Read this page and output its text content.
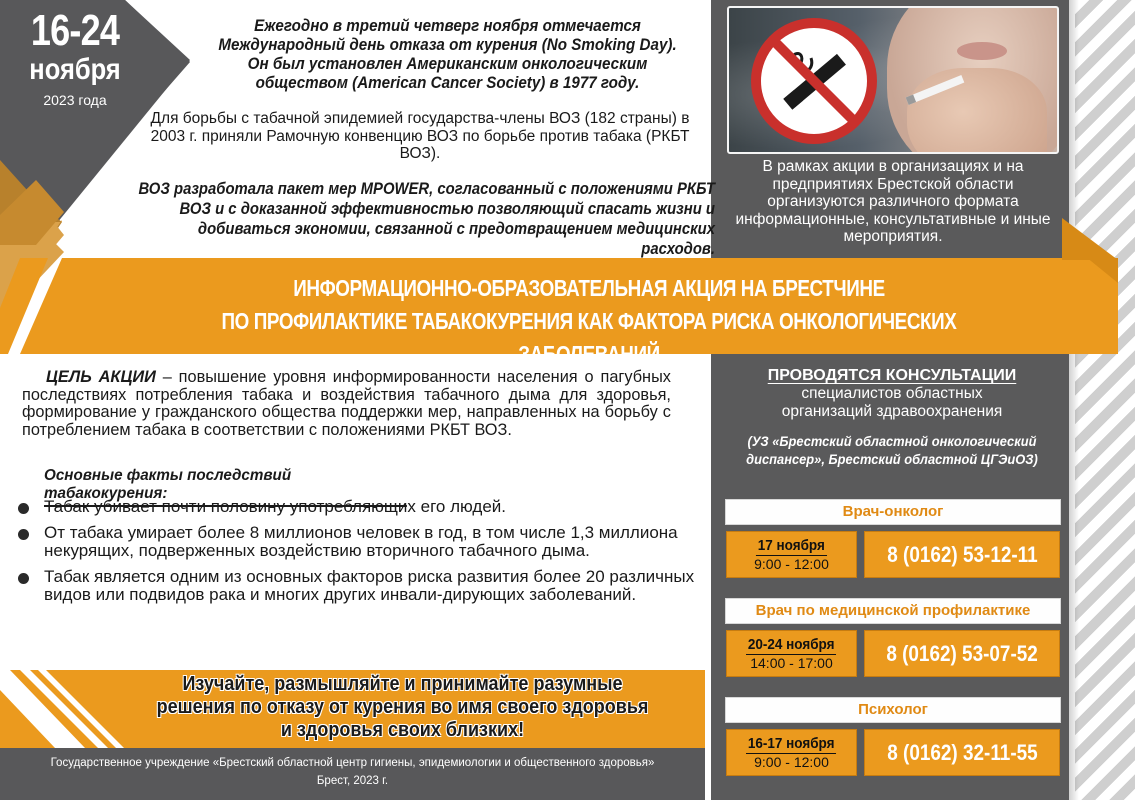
16-24
ноября
2023 года
Ежегодно в третий четверг ноября отмечается Международный день отказа от курения (No Smoking Day). Он был установлен Американским онкологическим обществом (American Cancer Society) в 1977 году.
Для борьбы с табачной эпидемией государства-члены ВОЗ (182 страны) в 2003 г. приняли Рамочную конвенцию ВОЗ по борьбе против табака (РКБТ ВОЗ).
ВОЗ разработала пакет мер MPOWER, согласованный с положениями РКБТ ВОЗ и с доказанной эффективностью позволяющий спасать жизни и добиваться экономии, связанной с предотвращением медицинских расходов.
В рамках акции в организациях и на предприятиях Брестской области организуются различного формата информационные, консультативные и иные мероприятия.
ИНФОРМАЦИОННО-ОБРАЗОВАТЕЛЬНАЯ АКЦИЯ НА БРЕСТЧИНЕ
ПО ПРОФИЛАКТИКЕ ТАБАКОКУРЕНИЯ КАК ФАКТОРА РИСКА ОНКОЛОГИЧЕСКИХ ЗАБОЛЕВАНИЙ
ЦЕЛЬ АКЦИИ – повышение уровня информированности населения о пагубных последствиях потребления табака и воздействия табачного дыма для здоровья, формирование у гражданского общества поддержки мер, направленных на борьбу с потреблением табака в соответствии с положениями РКБТ ВОЗ.
Основные факты последствий табакокурения:
Табак убивает почти половину употребляющих его людей.
От табака умирает более 8 миллионов человек в год, в том числе 1,3 миллиона некурящих, подверженных воздействию вторичного табачного дыма.
Табак является одним из основных факторов риска развития более 20 различных видов или подвидов рака и многих других инвали-дирующих заболеваний.
Изучайте, размышляйте и принимайте разумные
решения по отказу от курения во имя своего здоровья
и здоровья своих близких!
Государственное учреждение «Брестский областной центр гигиены, эпидемиологии и общественного здоровья»
Брест, 2023 г.
ПРОВОДЯТСЯ КОНСУЛЬТАЦИИ
специалистов областных
организаций здравоохранения
(УЗ «Брестский областной онкологический диспансер», Брестский областной ЦГЭиОЗ)
Врач-онколог
17 ноября
9:00 - 12:00	8 (0162) 53-12-11
Врач по медицинской профилактике
20-24 ноября
14:00 - 17:00	8 (0162) 53-07-52
Психолог
16-17 ноября
9:00 - 12:00	8 (0162) 32-11-55
